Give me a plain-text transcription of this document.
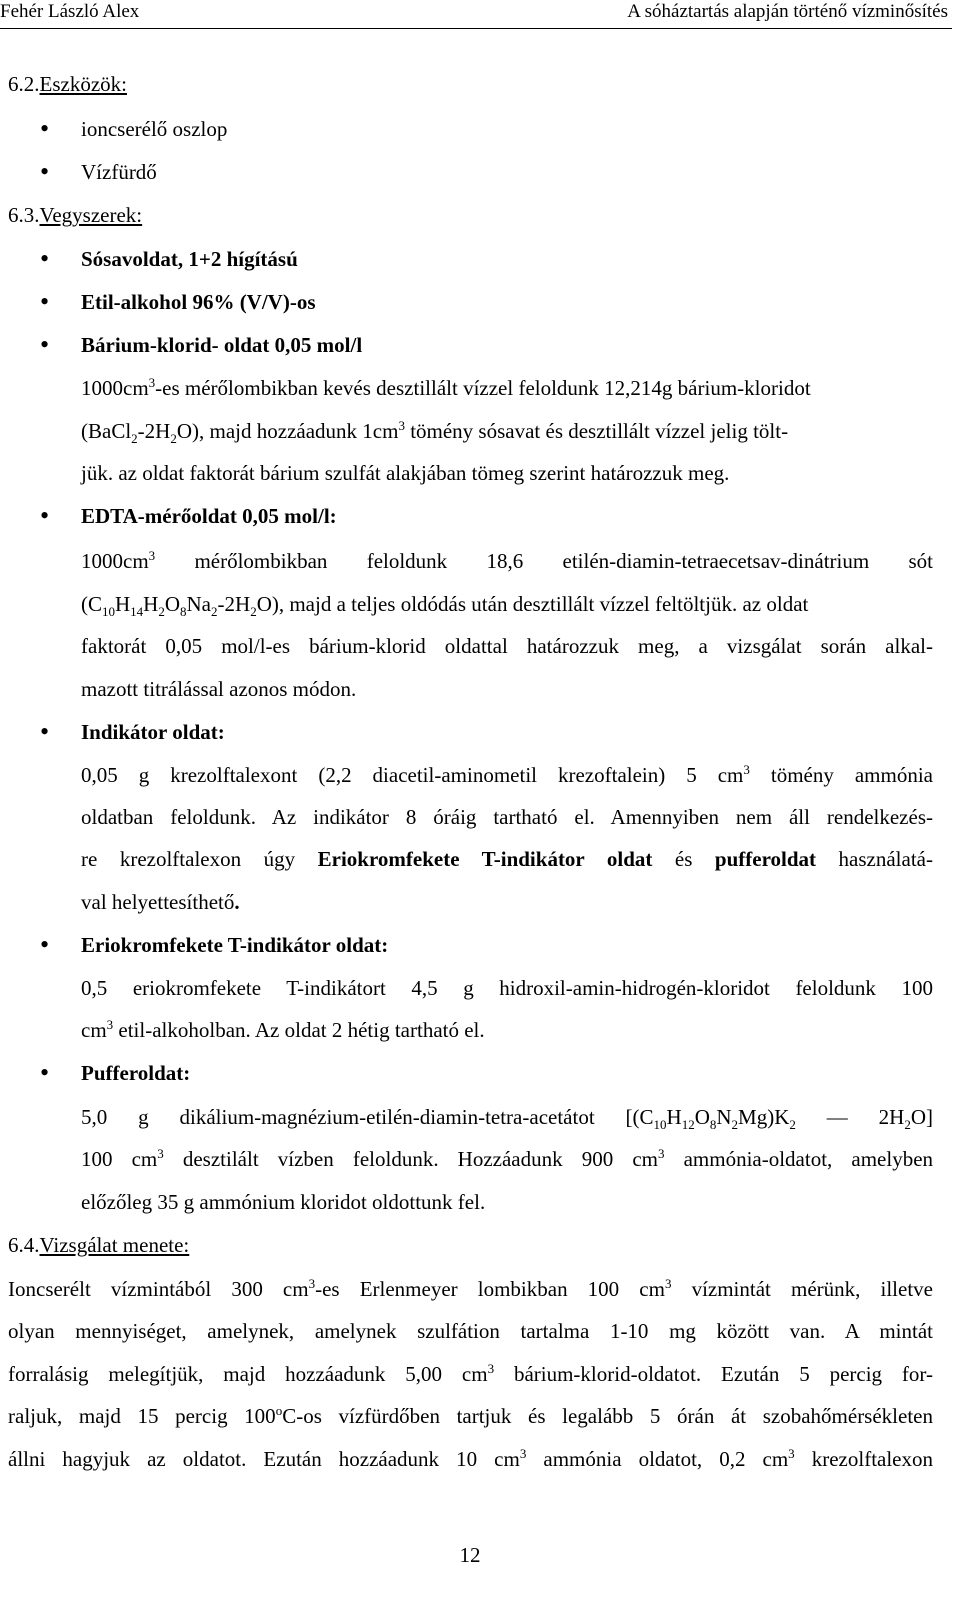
Fehér László Alex	A sóháztartás alapján történő vízminősítés
6.2.Eszközök:
• ioncserélő oszlop
• Vízfürdő
6.3.Vegyszerek:
• Sósavoldat, 1+2 hígítású
• Etil-alkohol 96% (V/V)-os
• Bárium-klorid- oldat 0,05 mol/l
$1000cm^3-es$ mérőlombikban kevés desztillált vízzel feloldunk 12,214g bárium-kloridot
$(BaCl_2-2H_2O)$, majd hozzáadunk $1cm^3$ tömény sósavat és desztillált vízzel jelig tölt-
jük. az oldat faktorát bárium szulfát alakjában tömeg szerint határozzuk meg.
• EDTA-mérőoldat 0,05 mol/l:
$1000cm^3$ mérőlombikban feloldunk 18,6 etilén-diamin-tetraecetsav-dinátrium sót
$(C_{10}H_{14}H_2O_8Na_2-2H_2O)$, majd a teljes oldódás után desztillált vízzel feltöltjük. az oldat
faktorát 0,05 mol/l-es bárium-klorid oldattal határozzuk meg, a vizsgálat során alkal-
mazott titrálással azonos módon.
• Indikátor oldat:
0,05 g krezolftalexont (2,2 diacetil-aminometil krezoftalein) 5 $cm^3$ tömény ammónia
oldatban feloldunk. Az indikátor 8 óráig tartható el. Amennyiben nem áll rendelkezés-
re krezolftalexon úgy Eriokromfekete T-indikátor oldat és pufferoldat használatá-
val helyettesíthető.
• Eriokromfekete T-indikátor oldat:
0,5 eriokromfekete T-indikátort 4,5 g hidroxil-amin-hidrogén-kloridot feloldunk 100
$cm^3$ etil-alkoholban. Az oldat 2 hétig tartható el.
• Pufferoldat:
5,0 g dikálium-magnézium-etilén-diamin-tetra-acetátot [$(C_{10}H_{12}O_8N_2Mg)K_2$ — $2H_2O$]
100 $cm^3$ desztilált vízben feloldunk. Hozzáadunk 900 $cm^3$ ammónia-oldatot, amelyben
előzőleg 35 g ammónium kloridot oldottunk fel.
6.4.Vizsgálat menete:
Ioncserélt vízmintából 300 $cm^3-es$ Erlenmeyer lombikban 100 $cm^3$ vízmintát mérünk, illetve
olyan mennyiséget, amelynek, amelynek szulfátion tartalma 1-10 mg között van. A mintát
forralásig melegítjük, majd hozzáadunk 5,00 $cm^3$ bárium-klorid-oldatot. Ezután 5 percig for-
raljuk, majd 15 percig 100$^o$C-os vízfürdőben tartjuk és legalább 5 órán át szobahőmérsékleten
állni hagyjuk az oldatot. Ezután hozzáadunk 10 $cm^3$ ammónia oldatot, 0,2 $cm^3$ krezolftalexon
12
